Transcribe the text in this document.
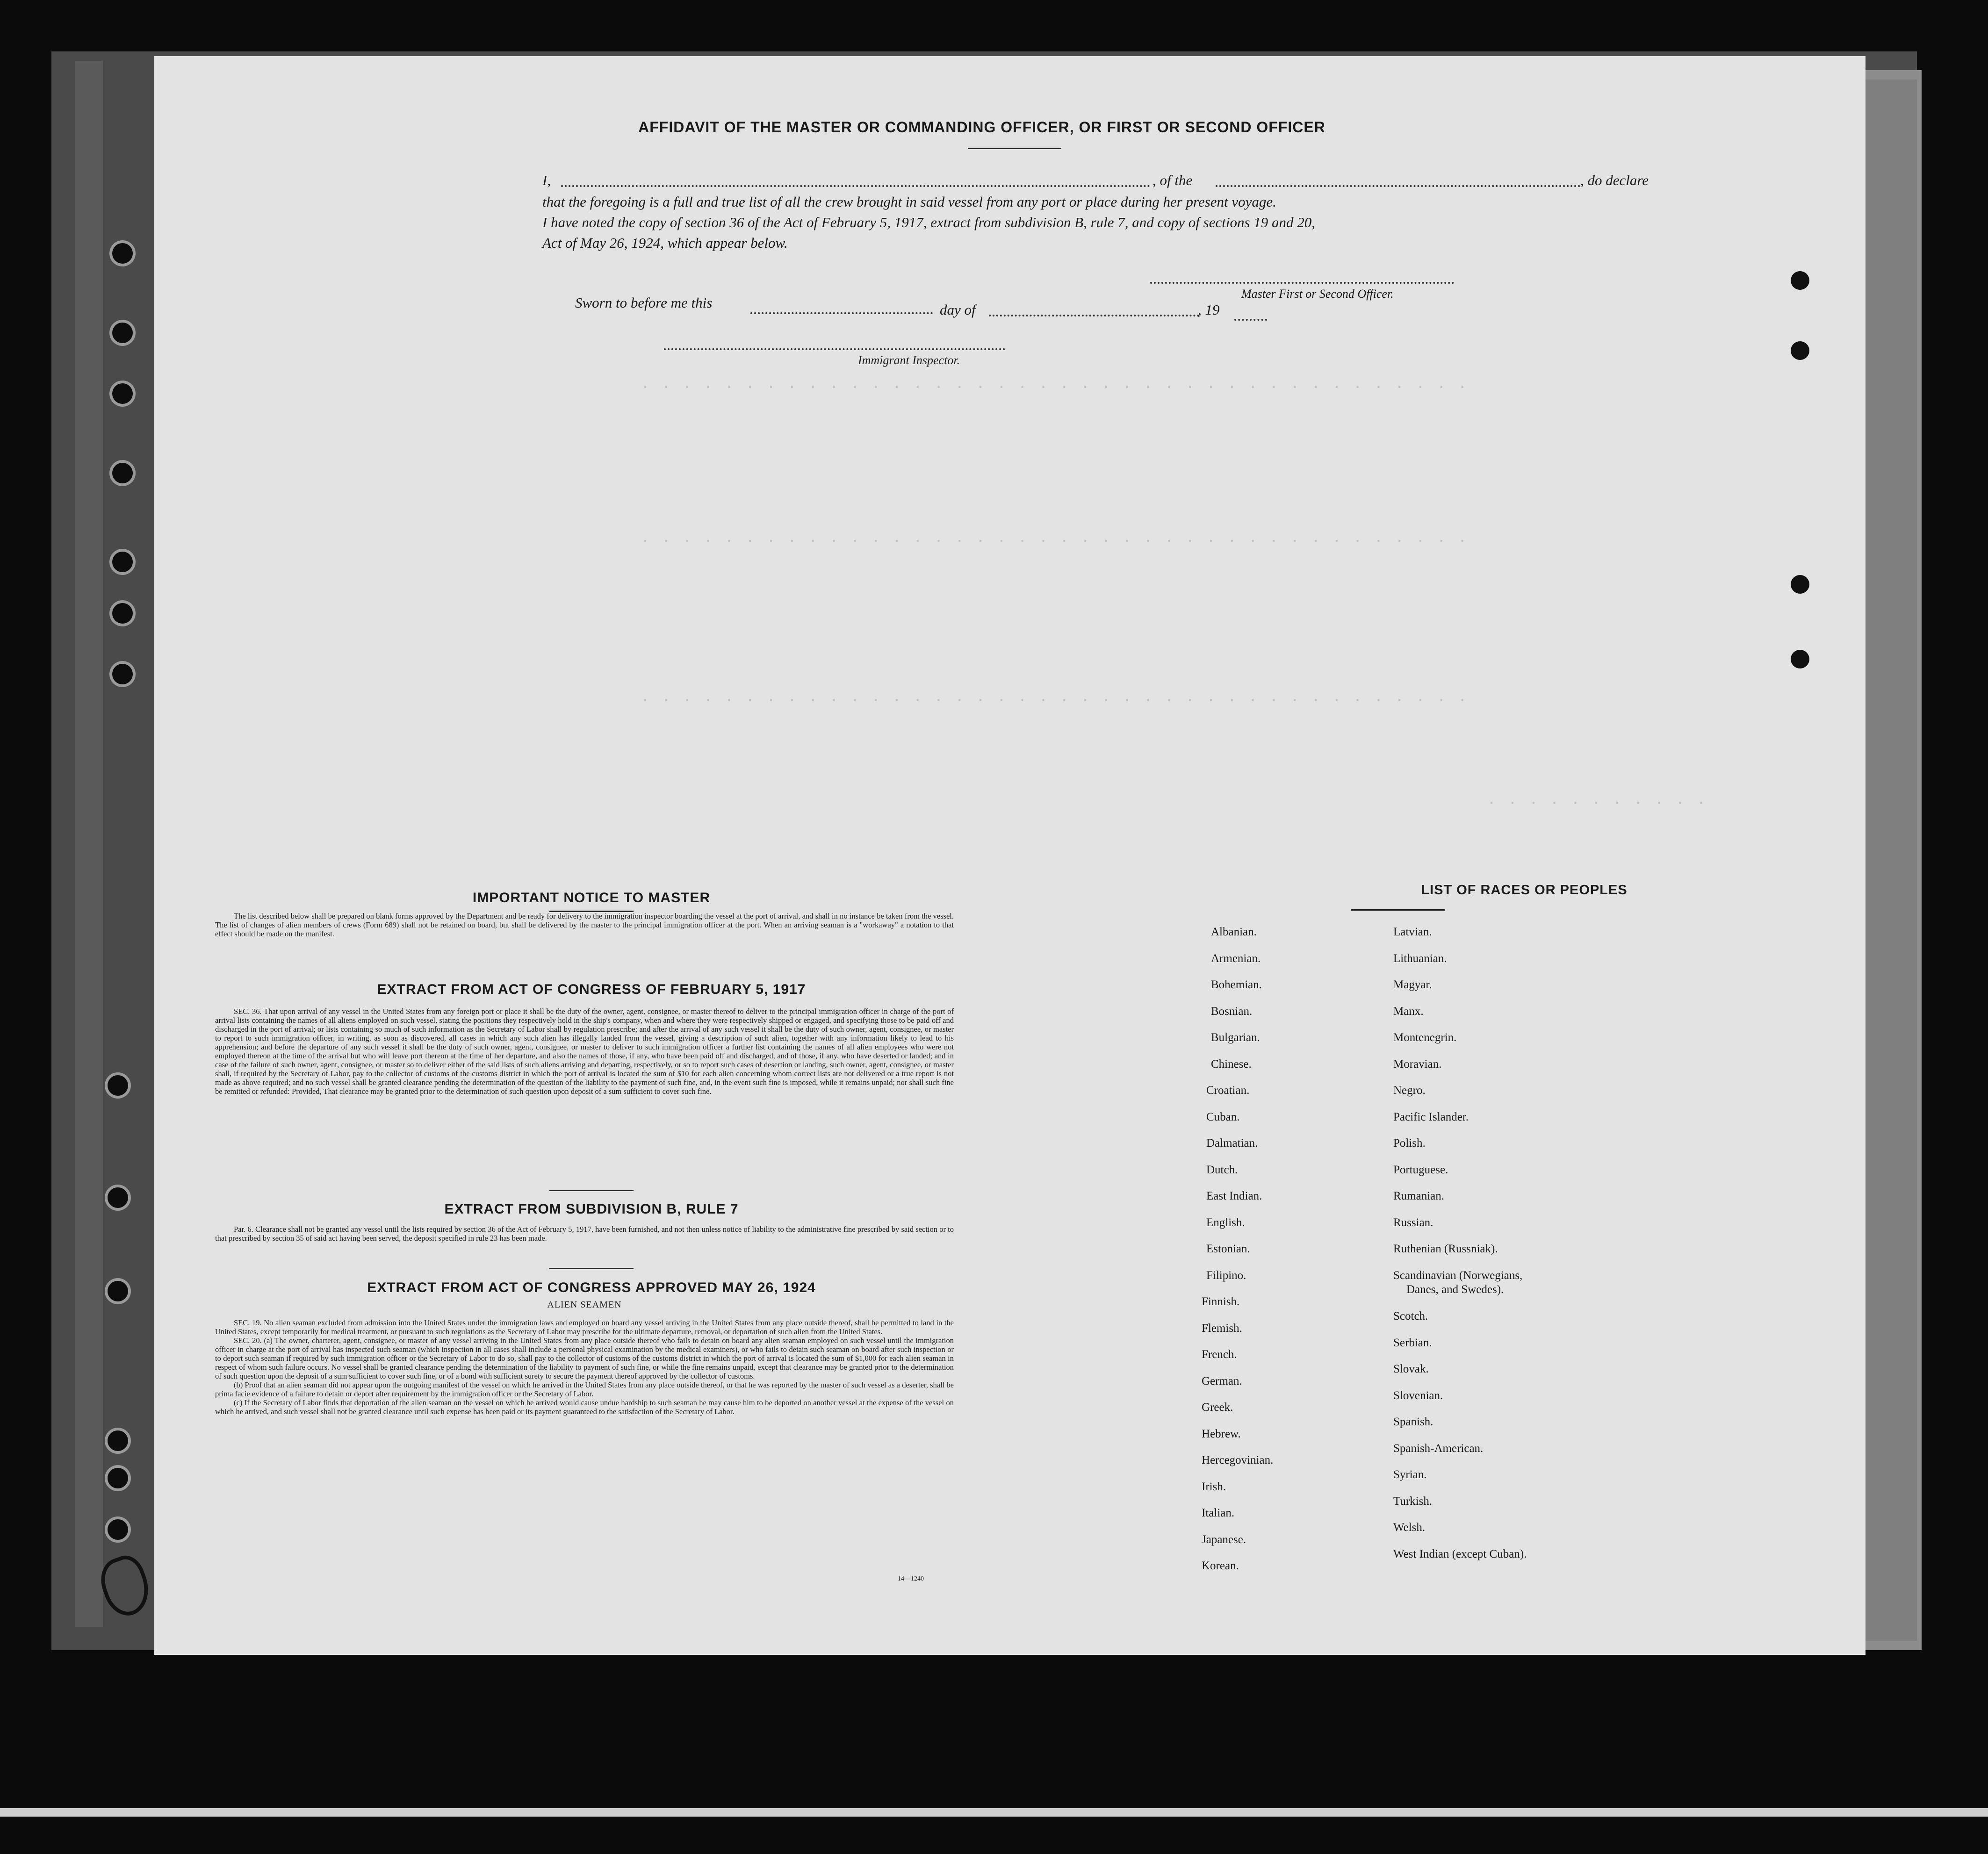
· · · · · · · · · · · · · · · · · · · · · · · · · · · · · · · · · · · · · · · ·
· · · · · · · · · · · · · · · · · · · · · · · · · · · · · · · · · · · · · · · ·
· · · · · · · · · · · · · · · · · · · · · · · · · · · · · · · · · · · · · · · ·
· · · · · · · · · · ·
AFFIDAVIT OF THE MASTER OR COMMANDING OFFICER, OR FIRST OR SECOND OFFICER
I,	, of the	, do declare
that the foregoing is a full and true list of all the crew brought in said vessel from any port or place during her present voyage.
I have noted the copy of section 36 of the Act of February 5, 1917, extract from subdivision B, rule 7, and copy of sections 19 and 20,
Act of May 26, 1924, which appear below.
Master First or Second Officer.
Sworn to before me this	day of	, 19
Immigrant Inspector.
IMPORTANT NOTICE TO MASTER

The list described below shall be prepared on blank forms approved by the Department and be ready for delivery to the immigration inspector boarding the vessel at the port of arrival, and shall in no instance be taken from the vessel. The list of changes of alien members of crews (Form 689) shall not be retained on board, but shall be delivered by the master to the principal immigration officer at the port. When an arriving seaman is a "workaway" a notation to that effect should be made on the manifest.

EXTRACT FROM ACT OF CONGRESS OF FEBRUARY 5, 1917

SEC. 36. That upon arrival of any vessel in the United States from any foreign port or place it shall be the duty of the owner, agent, consignee, or master thereof to deliver to the principal immigration officer in charge of the port of arrival lists containing the names of all aliens employed on such vessel, stating the positions they respectively hold in the ship's company, when and where they were respectively shipped or engaged, and specifying those to be paid off and discharged in the port of arrival; or lists containing so much of such information as the Secretary of Labor shall by regulation prescribe; and after the arrival of any such vessel it shall be the duty of such owner, agent, consignee, or master to report to such immigration officer, in writing, as soon as discovered, all cases in which any such alien has illegally landed from the vessel, giving a description of such alien, together with any information likely to lead to his apprehension; and before the departure of any such vessel it shall be the duty of such owner, agent, consignee, or master to deliver to such immigration officer a further list containing the names of all alien employees who were not employed thereon at the time of the arrival but who will leave port thereon at the time of her departure, and also the names of those, if any, who have been paid off and discharged, and of those, if any, who have deserted or landed; and in case of the failure of such owner, agent, consignee, or master so to deliver either of the said lists of such aliens arriving and departing, respectively, or so to report such cases of desertion or landing, such owner, agent, consignee, or master shall, if required by the Secretary of Labor, pay to the collector of customs of the customs district in which the port of arrival is located the sum of $10 for each alien concerning whom correct lists are not delivered or a true report is not made as above required; and no such vessel shall be granted clearance pending the determination of the question of the liability to the payment of such fine, and, in the event such fine is imposed, while it remains unpaid; nor shall such fine be remitted or refunded: Provided, That clearance may be granted prior to the determination of such question upon deposit of a sum sufficient to cover such fine.

EXTRACT FROM SUBDIVISION B, RULE 7

Par. 6. Clearance shall not be granted any vessel until the lists required by section 36 of the Act of February 5, 1917, have been furnished, and not then unless notice of liability to the administrative fine prescribed by said section or to that prescribed by section 35 of said act having been served, the deposit specified in rule 23 has been made.

EXTRACT FROM ACT OF CONGRESS APPROVED MAY 26, 1924
ALIEN SEAMEN

SEC. 19. No alien seaman excluded from admission into the United States under the immigration laws and employed on board any vessel arriving in the United States from any place outside thereof, shall be permitted to land in the United States, except temporarily for medical treatment, or pursuant to such regulations as the Secretary of Labor may prescribe for the ultimate departure, removal, or deportation of such alien from the United States.

SEC. 20. (a) The owner, charterer, agent, consignee, or master of any vessel arriving in the United States from any place outside thereof who fails to detain on board any alien seaman employed on such vessel until the immigration officer in charge at the port of arrival has inspected such seaman (which inspection in all cases shall include a personal physical examination by the medical examiners), or who fails to detain such seaman on board after such inspection or to deport such seaman if required by such immigration officer or the Secretary of Labor to do so, shall pay to the collector of customs of the customs district in which the port of arrival is located the sum of $1,000 for each alien seaman in respect of whom such failure occurs. No vessel shall be granted clearance pending the determination of the liability to payment of such fine, or while the fine remains unpaid, except that clearance may be granted prior to the determination of such question upon the deposit of a sum sufficient to cover such fine, or of a bond with sufficient surety to secure the payment thereof approved by the collector of customs.

(b) Proof that an alien seaman did not appear upon the outgoing manifest of the vessel on which he arrived in the United States from any place outside thereof, or that he was reported by the master of such vessel as a deserter, shall be prima facie evidence of a failure to detain or deport after requirement by the immigration officer or the Secretary of Labor.

(c) If the Secretary of Labor finds that deportation of the alien seaman on the vessel on which he arrived would cause undue hardship to such seaman he may cause him to be deported on another vessel at the expense of the vessel on which he arrived, and such vessel shall not be granted clearance until such expense has been paid or its payment guaranteed to the satisfaction of the Secretary of Labor.

14—1240
LIST OF RACES OR PEOPLES
Albanian.
Armenian.
Bohemian.
Bosnian.
Bulgarian.
Chinese.
Croatian.
Cuban.
Dalmatian.
Dutch.
East Indian.
English.
Estonian.
Filipino.
Finnish.
Flemish.
French.
German.
Greek.
Hebrew.
Hercegovinian.
Irish.
Italian.
Japanese.
Korean.
Latvian.
Lithuanian.
Magyar.
Manx.
Montenegrin.
Moravian.
Negro.
Pacific Islander.
Polish.
Portuguese.
Rumanian.
Russian.
Ruthenian (Russniak).
Scandinavian (Norwegians,
Danes, and Swedes).
Scotch.
Serbian.
Slovak.
Slovenian.
Spanish.
Spanish-American.
Syrian.
Turkish.
Welsh.
West Indian (except Cuban).
